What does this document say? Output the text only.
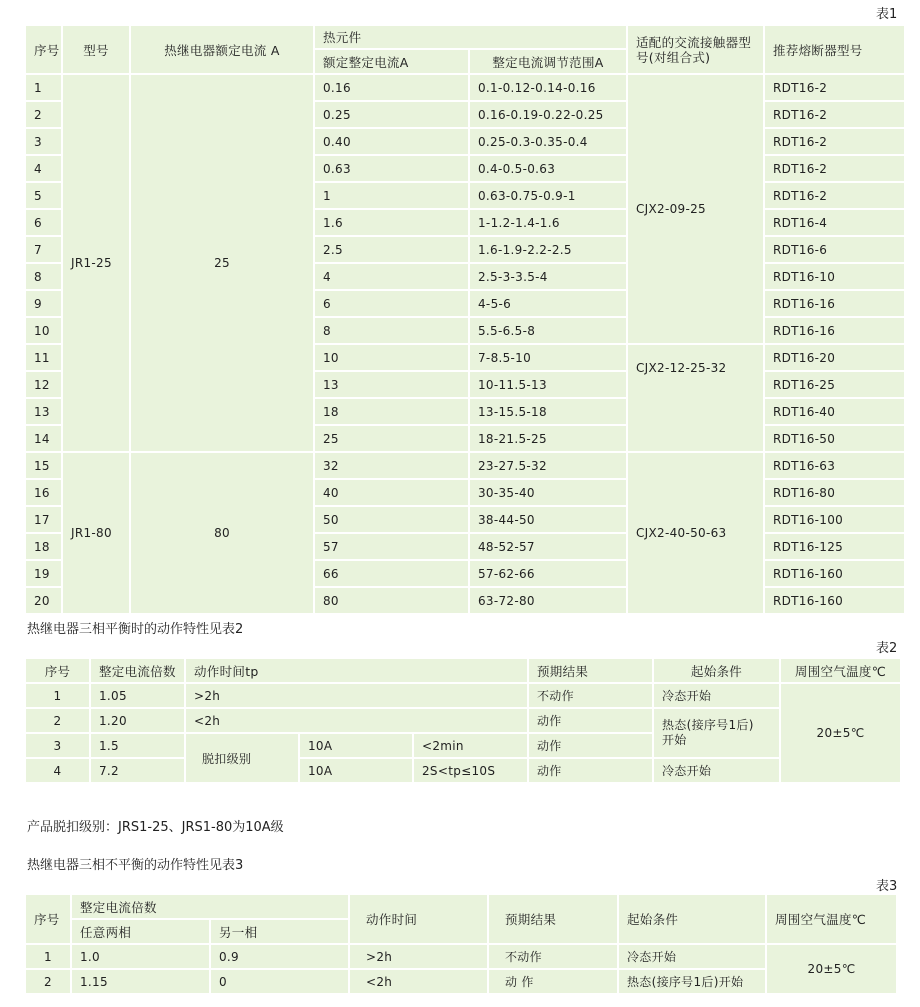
表1
序号	型号	热继电器额定电流 A	热元件		适配的交流接触器型号(对组合式)	推荐熔断器型号
			额定整定电流A	整定电流调节范围A		
1	JR1-25	25	0.16	0.1-0.12-0.14-0.16	CJX2-09-25	RDT16-2
2			0.25	0.16-0.19-0.22-0.25		RDT16-2
3			0.40	0.25-0.3-0.35-0.4		RDT16-2
4			0.63	0.4-0.5-0.63		RDT16-2
5			1	0.63-0.75-0.9-1		RDT16-2
6			1.6	1-1.2-1.4-1.6		RDT16-4
7			2.5	1.6-1.9-2.2-2.5		RDT16-6
8			4	2.5-3-3.5-4		RDT16-10
9			6	4-5-6		RDT16-16
10			8	5.5-6.5-8		RDT16-16
11			10	7-8.5-10	CJX2-12-25-32	RDT16-20
12			13	10-11.5-13		RDT16-25
13			18	13-15.5-18		RDT16-40
14			25	18-21.5-25		RDT16-50
15	JR1-80	80	32	23-27.5-32	CJX2-40-50-63	RDT16-63
16			40	30-35-40		RDT16-80
17			50	38-44-50		RDT16-100
18			57	48-52-57		RDT16-125
19			66	57-62-66		RDT16-160
20			80	63-72-80		RDT16-160
热继电器三相平衡时的动作特性见表2
表2
序号	整定电流倍数	动作时间tp			预期结果	起始条件	周围空气温度℃
1	1.05	>2h			不动作	冷态开始	20±5℃
2	1.20	<2h			动作	热态(接序号1后)开始	
3	1.5	脱扣级别	10A	<2min	动作		
4	7.2		10A	2S<tp≤10S	动作	冷态开始	
产品脱扣级别：JRS1-25、JRS1-80为10A级
热继电器三相不平衡的动作特性见表3
表3
序号	整定电流倍数		动作时间	预期结果	起始条件	周围空气温度℃
	任意两相	另一相				
1	1.0	0.9	>2h	不动作	冷态开始	20±5℃
2	1.15	0	<2h	动 作	热态(接序号1后)开始	
